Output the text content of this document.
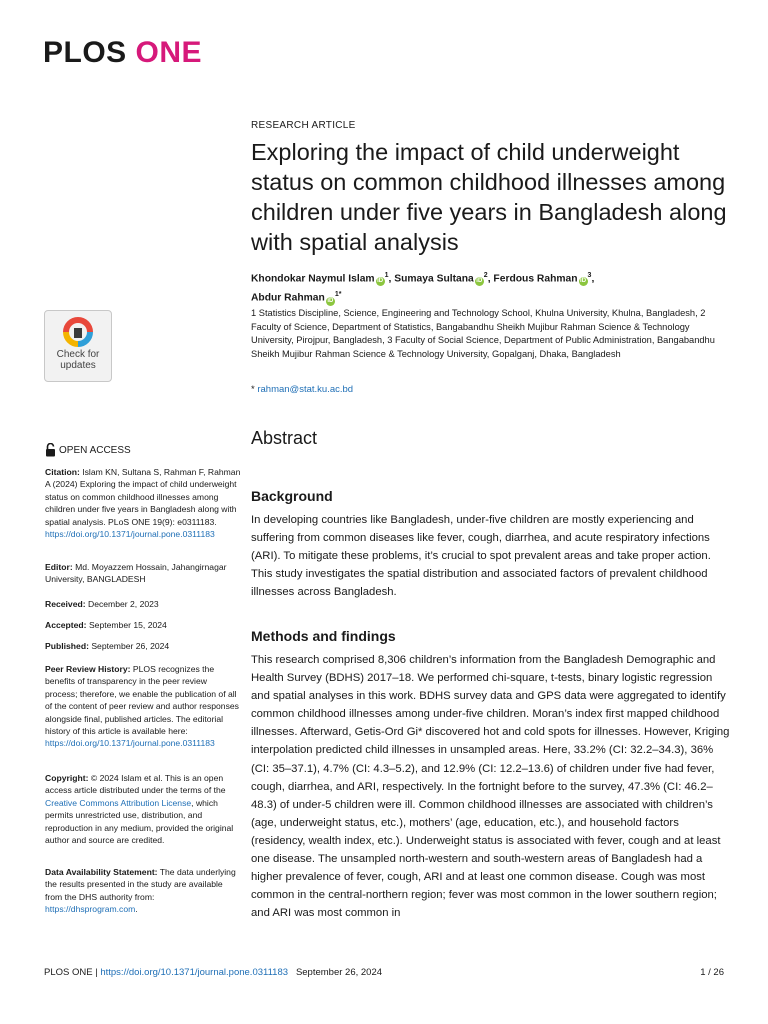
PLOS ONE
Check for
updates
OPEN ACCESS
Citation: Islam KN, Sultana S, Rahman F, Rahman A (2024) Exploring the impact of child underweight status on common childhood illnesses among children under five years in Bangladesh along with spatial analysis. PLoS ONE 19(9): e0311183. https://doi.org/10.1371/journal.pone.0311183
Editor: Md. Moyazzem Hossain, Jahangirnagar University, BANGLADESH
Received: December 2, 2023
Accepted: September 15, 2024
Published: September 26, 2024
Peer Review History: PLOS recognizes the benefits of transparency in the peer review process; therefore, we enable the publication of all of the content of peer review and author responses alongside final, published articles. The editorial history of this article is available here: https://doi.org/10.1371/journal.pone.0311183
Copyright: © 2024 Islam et al. This is an open access article distributed under the terms of the Creative Commons Attribution License, which permits unrestricted use, distribution, and reproduction in any medium, provided the original author and source are credited.
Data Availability Statement: The data underlying the results presented in the study are available from the DHS authority from: https://dhsprogram.com.
RESEARCH ARTICLE
Exploring the impact of child underweight status on common childhood illnesses among children under five years in Bangladesh along with spatial analysis
Khondokar Naymul Islam $iD^1$, Sumaya Sultana $iD^2$, Ferdous Rahman $iD^3$,
Abdur Rahman $iD^{1*}$
1 Statistics Discipline, Science, Engineering and Technology School, Khulna University, Khulna, Bangladesh, 2 Faculty of Science, Department of Statistics, Bangabandhu Sheikh Mujibur Rahman Science & Technology University, Pirojpur, Bangladesh, 3 Faculty of Social Science, Department of Public Administration, Bangabandhu Sheikh Mujibur Rahman Science & Technology University, Gopalganj, Dhaka, Bangladesh
* rahman@stat.ku.ac.bd
Abstract
Background
In developing countries like Bangladesh, under-five children are mostly experiencing and suffering from common diseases like fever, cough, diarrhea, and acute respiratory infections (ARI). To mitigate these problems, it’s crucial to spot prevalent areas and take proper action. This study investigates the spatial distribution and associated factors of prevalent childhood illnesses across Bangladesh.
Methods and findings
This research comprised 8,306 children’s information from the Bangladesh Demographic and Health Survey (BDHS) 2017–18. We performed chi-square, t-tests, binary logistic regression and spatial analyses in this work. BDHS survey data and GPS data were aggregated to identify common childhood illnesses among under-five children. Moran’s index first mapped childhood illnesses. Afterward, Getis-Ord Gi* discovered hot and cold spots for illnesses. However, Kriging interpolation predicted child illnesses in unsampled areas. Here, 33.2% (CI: 32.2–34.3), 36% (CI: 35–37.1), 4.7% (CI: 4.3–5.2), and 12.9% (CI: 12.2–13.6) of children under five had fever, cough, diarrhea, and ARI, respectively. In the fortnight before to the survey, 47.3% (CI: 46.2–48.3) of under-5 children were ill. Common childhood illnesses are associated with children’s (age, underweight status, etc.), mothers’ (age, education, etc.), and household factors (residency, wealth index, etc.). Underweight status is associated with fever, cough and at least one disease. The unsampled north-western and south-western areas of Bangladesh had a higher prevalence of fever, cough, ARI and at least one common disease. Cough was most common in the central-northern region; fever was most common in the lower southern region; and ARI was most common in
PLOS ONE | https://doi.org/10.1371/journal.pone.0311183 September 26, 2024	1 / 26
